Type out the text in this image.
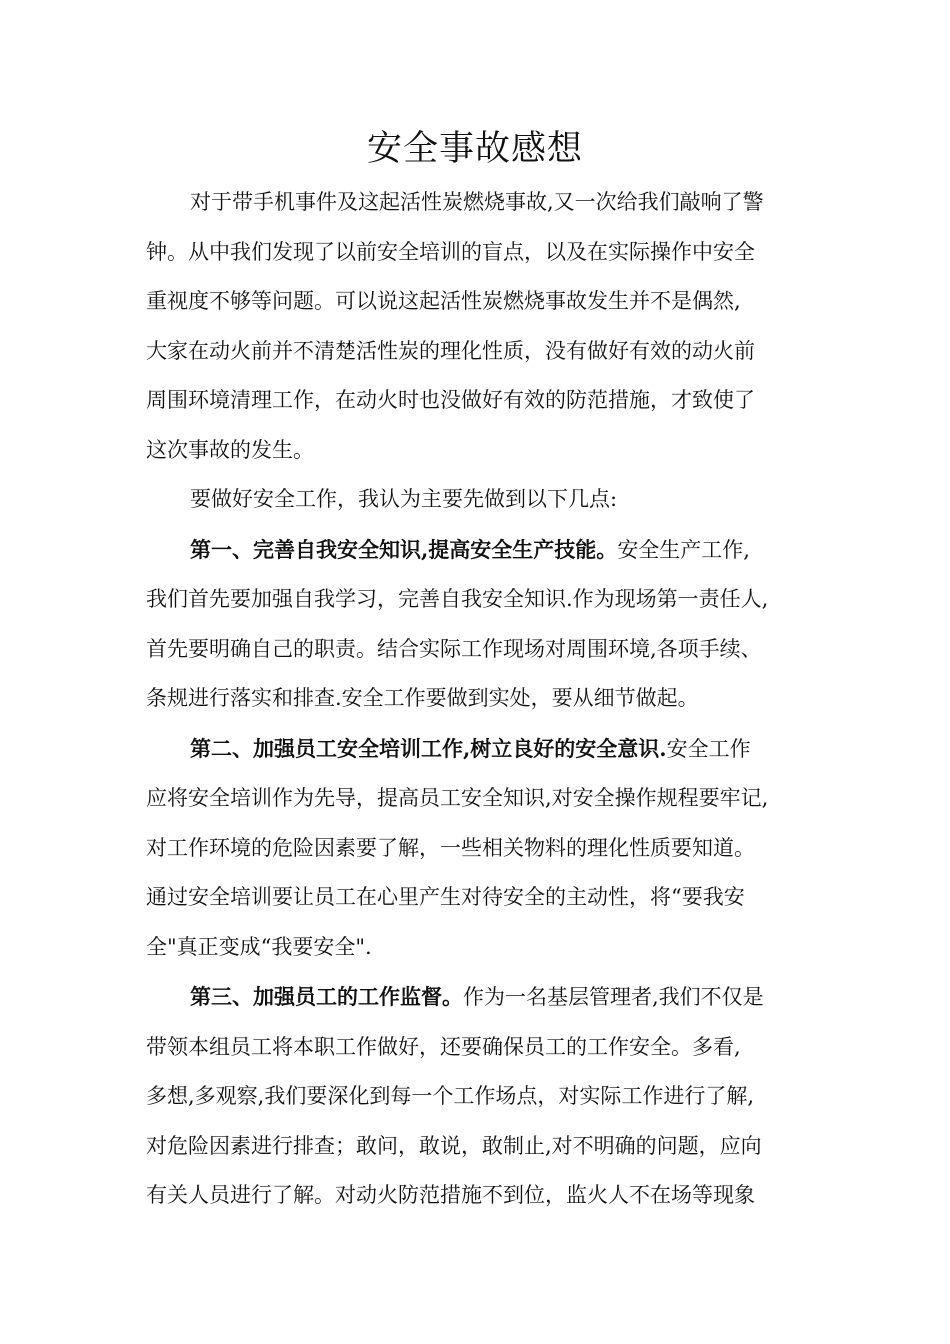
安全事故感想
对于带手机事件及这起活性炭燃烧事故,又一次给我们敲响了警
钟。从中我们发现了以前安全培训的盲点，以及在实际操作中安全
重视度不够等问题。可以说这起活性炭燃烧事故发生并不是偶然,
大家在动火前并不清楚活性炭的理化性质，没有做好有效的动火前
周围环境清理工作，在动火时也没做好有效的防范措施，才致使了
这次事故的发生。
要做好安全工作，我认为主要先做到以下几点:
第一、完善自我安全知识,提高安全生产技能。安全生产工作,
我们首先要加强自我学习，完善自我安全知识.作为现场第一责任人,
首先要明确自己的职责。结合实际工作现场对周围环境,各项手续、
条规进行落实和排查.安全工作要做到实处，要从细节做起。
第二、加强员工安全培训工作,树立良好的安全意识.安全工作
应将安全培训作为先导，提高员工安全知识,对安全操作规程要牢记,
对工作环境的危险因素要了解，一些相关物料的理化性质要知道。
通过安全培训要让员工在心里产生对待安全的主动性，将“要我安
全"真正变成“我要安全".
第三、加强员工的工作监督。作为一名基层管理者,我们不仅是
带领本组员工将本职工作做好，还要确保员工的工作安全。多看,
多想,多观察,我们要深化到每一个工作场点，对实际工作进行了解,
对危险因素进行排查；敢问，敢说，敢制止,对不明确的问题，应向
有关人员进行了解。对动火防范措施不到位，监火人不在场等现象
